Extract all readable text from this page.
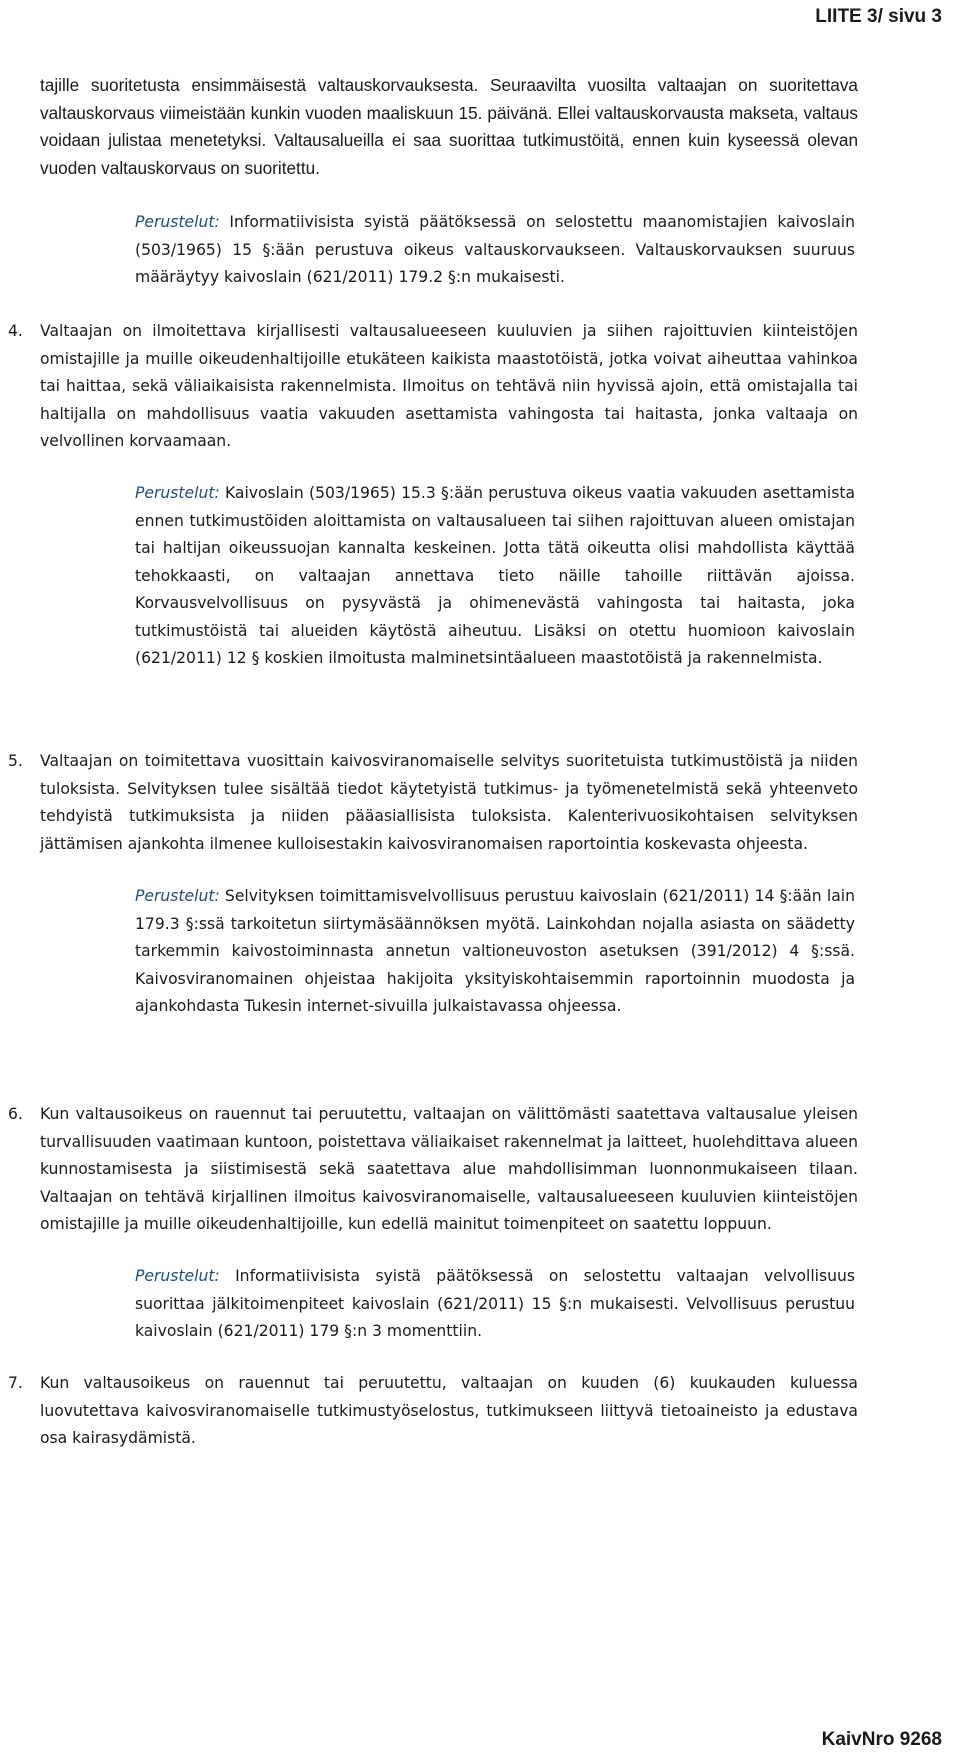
LIITE 3/ sivu 3

tajille suoritetusta ensimmäisestä valtauskorvauksesta. Seuraavilta vuosilta valtaajan on suoritettava valtauskorvaus viimeistään kunkin vuoden maaliskuun 15. päivänä. Ellei valtauskorvausta makseta, valtaus voidaan julistaa menetetyksi. Valtausalueilla ei saa suorittaa tutkimustöitä, ennen kuin kyseessä olevan vuoden valtauskorvaus on suoritettu.

Perustelut: Informatiivisista syistä päätöksessä on selostettu maanomistajien kaivoslain (503/1965) 15 §:ään perustuva oikeus valtauskorvaukseen. Valtauskorvauksen suuruus määräytyy kaivoslain (621/2011) 179.2 §:n mukaisesti.

4.	Valtaajan on ilmoitettava kirjallisesti valtausalueeseen kuuluvien ja siihen rajoittuvien kiinteistöjen omistajille ja muille oikeudenhaltijoille etukäteen kaikista maastotöistä, jotka voivat aiheuttaa vahinkoa tai haittaa, sekä väliaikaisista rakennelmista. Ilmoitus on tehtävä niin hyvissä ajoin, että omistajalla tai haltijalla on mahdollisuus vaatia vakuuden asettamista vahingosta tai haitasta, jonka valtaaja on velvollinen korvaamaan.

Perustelut: Kaivoslain (503/1965) 15.3 §:ään perustuva oikeus vaatia vakuuden asettamista ennen tutkimustöiden aloittamista on valtausalueen tai siihen rajoittuvan alueen omistajan tai haltijan oikeussuojan kannalta keskeinen. Jotta tätä oikeutta olisi mahdollista käyttää tehokkaasti, on valtaajan annettava tieto näille tahoille riittävän ajoissa. Korvausvelvollisuus on pysyvästä ja ohimenevästä vahingosta tai haitasta, joka tutkimustöistä tai alueiden käytöstä aiheutuu. Lisäksi on otettu huomioon kaivoslain (621/2011) 12 § koskien ilmoitusta malminetsintäalueen maastotöistä ja rakennelmista.

5.	Valtaajan on toimitettava vuosittain kaivosviranomaiselle selvitys suoritetuista tutkimustöistä ja niiden tuloksista. Selvityksen tulee sisältää tiedot käytetyistä tutkimus- ja työmenetelmistä sekä yhteenveto tehdyistä tutkimuksista ja niiden pääasiallisista tuloksista. Kalenterivuosikohtaisen selvityksen jättämisen ajankohta ilmenee kulloisestakin kaivosviranomaisen raportointia koskevasta ohjeesta.

Perustelut: Selvityksen toimittamisvelvollisuus perustuu kaivoslain (621/2011) 14 §:ään lain 179.3 §:ssä tarkoitetun siirtymäsäännöksen myötä. Lainkohdan nojalla asiasta on säädetty tarkemmin kaivostoiminnasta annetun valtioneuvoston asetuksen (391/2012) 4 §:ssä. Kaivosviranomainen ohjeistaa hakijoita yksityiskohtaisemmin raportoinnin muodosta ja ajankohdasta Tukesin internet-sivuilla julkaistavassa ohjeessa.

6.	Kun valtausoikeus on rauennut tai peruutettu, valtaajan on välittömästi saatettava valtausalue yleisen turvallisuuden vaatimaan kuntoon, poistettava väliaikaiset rakennelmat ja laitteet, huolehdittava alueen kunnostamisesta ja siistimisestä sekä saatettava alue mahdollisimman luonnonmukaiseen tilaan. Valtaajan on tehtävä kirjallinen ilmoitus kaivosviranomaiselle, valtausalueeseen kuuluvien kiinteistöjen omistajille ja muille oikeudenhaltijoille, kun edellä mainitut toimenpiteet on saatettu loppuun.

Perustelut: Informatiivisista syistä päätöksessä on selostettu valtaajan velvollisuus suorittaa jälkitoimenpiteet kaivoslain (621/2011) 15 §:n mukaisesti. Velvollisuus perustuu kaivoslain (621/2011) 179 §:n 3 momenttiin.

7.	Kun valtausoikeus on rauennut tai peruutettu, valtaajan on kuuden (6) kuukauden kuluessa luovutettava kaivosviranomaiselle tutkimustyöselostus, tutkimukseen liittyvä tietoaineisto ja edustava osa kairasydämistä.
KaivNro 9268
